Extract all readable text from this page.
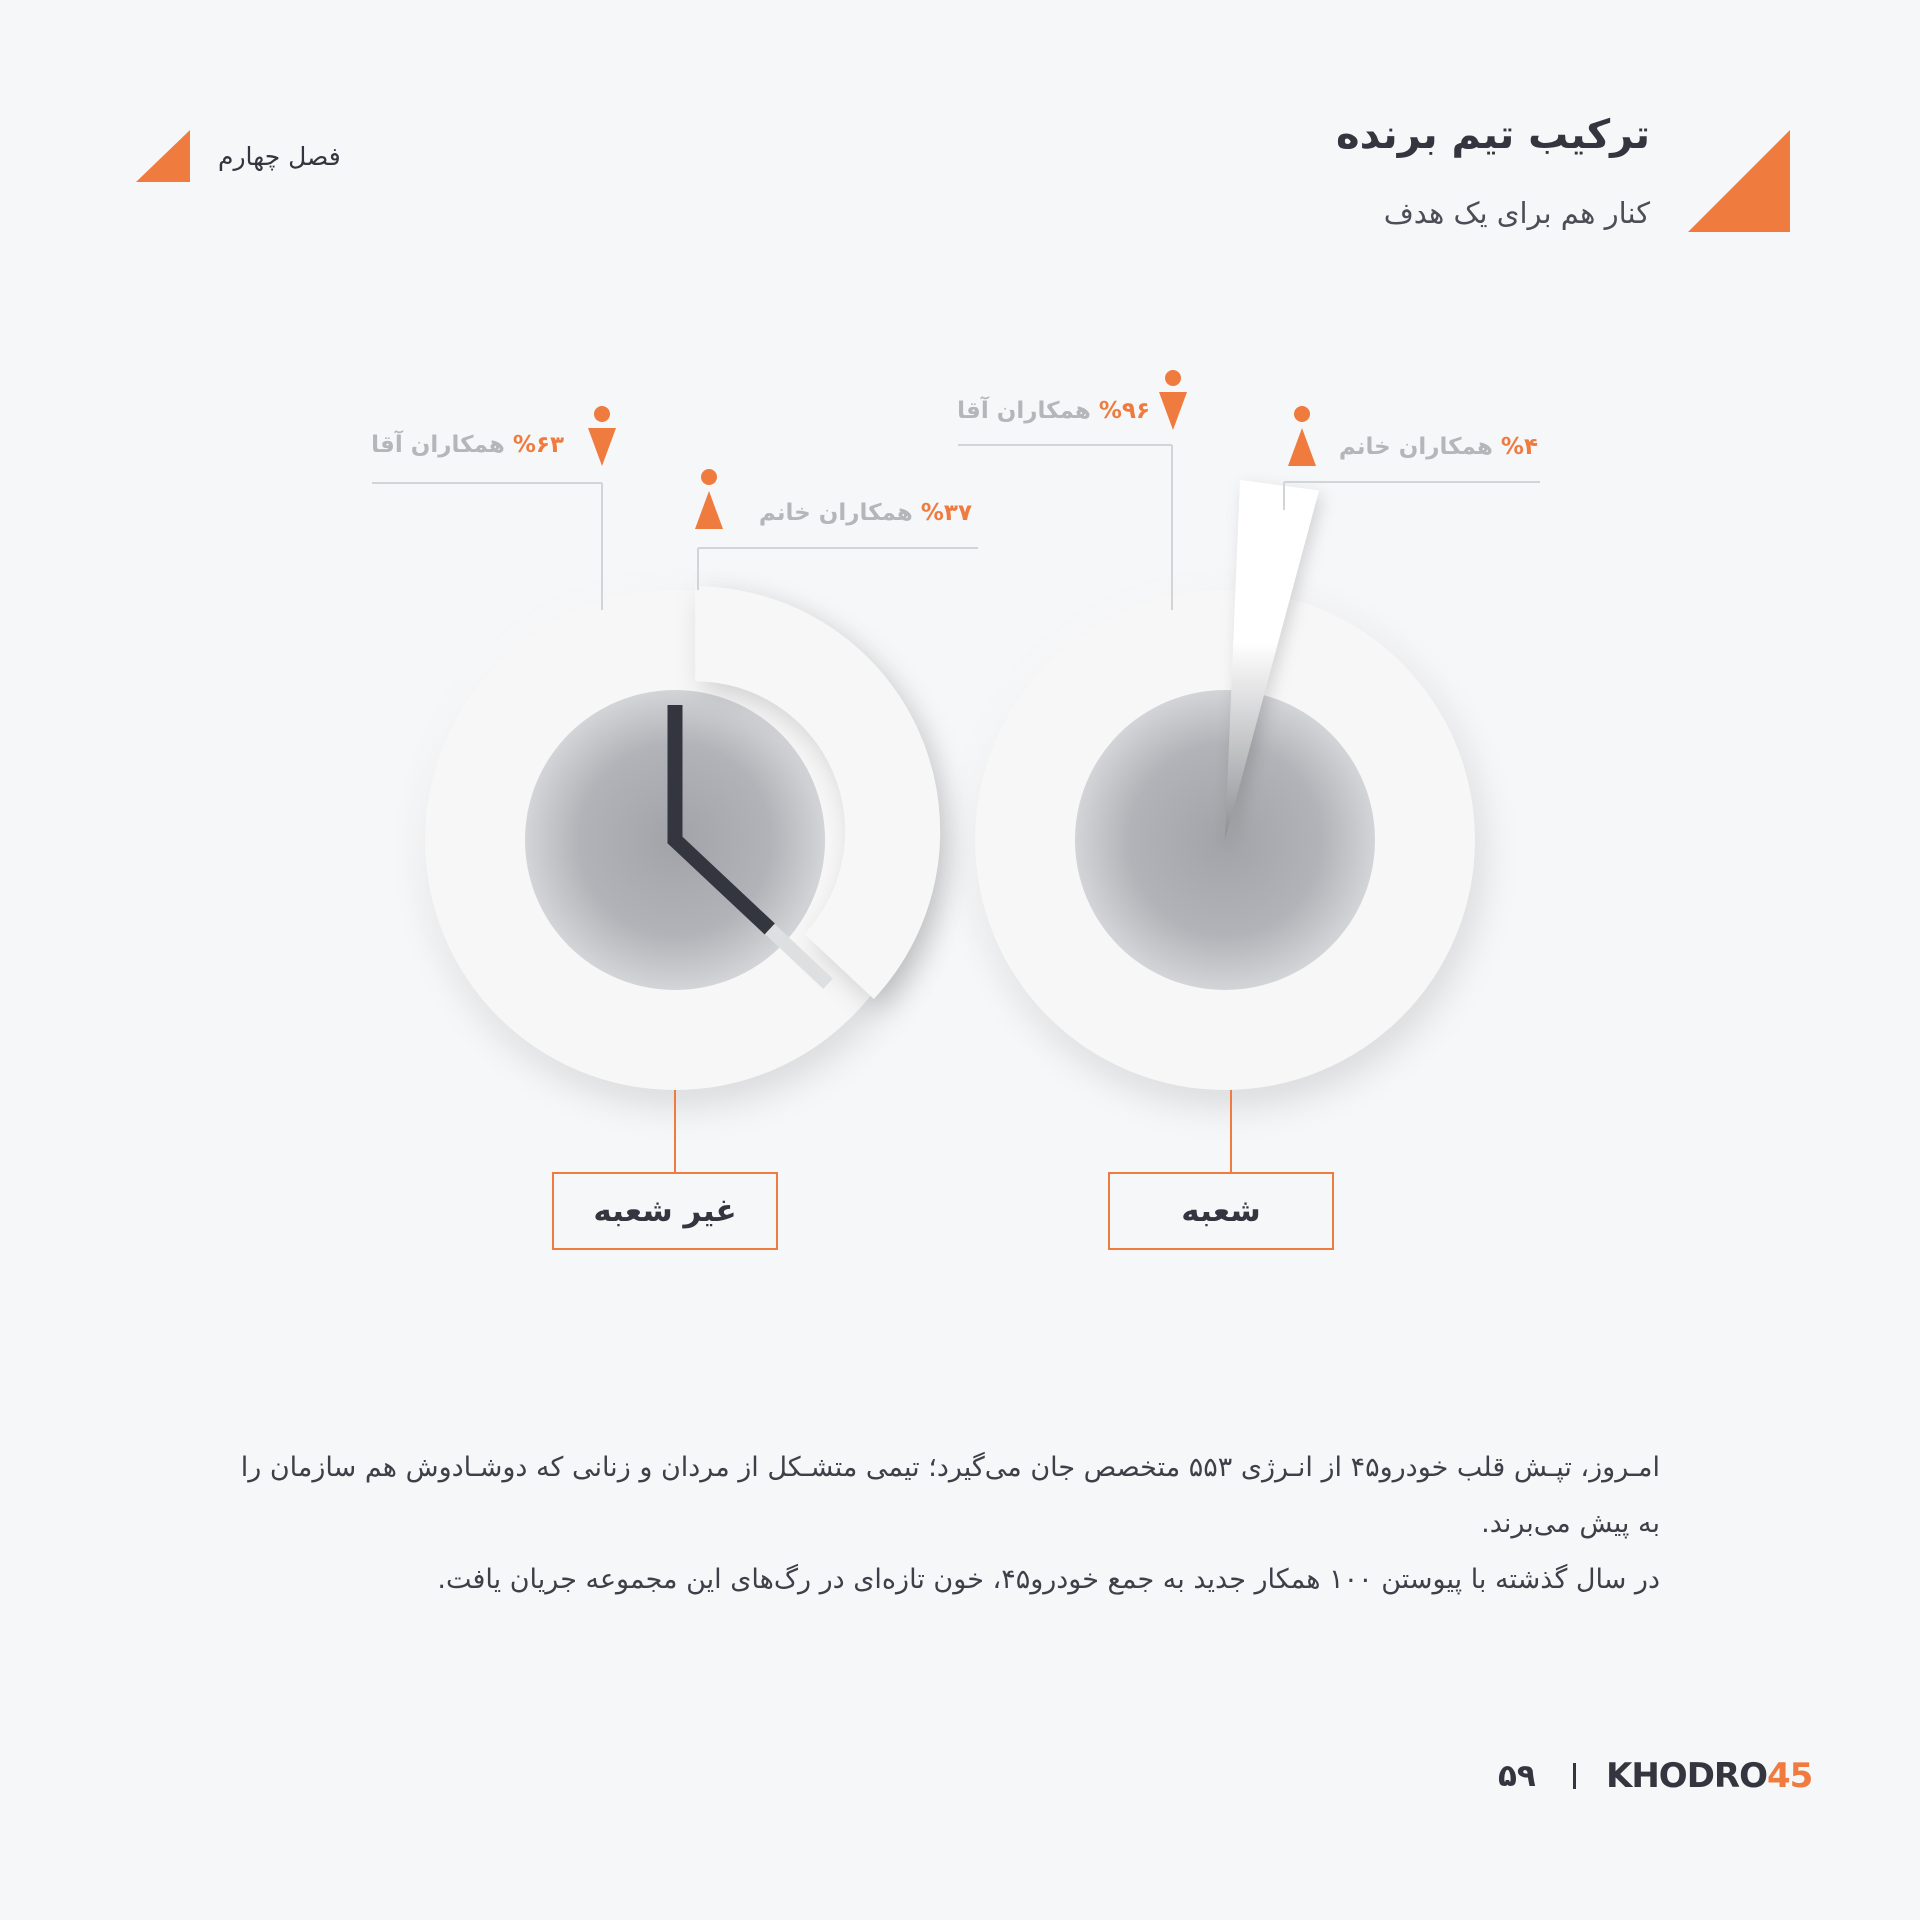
ترکیب تیم برنده
کنار هم برای یک هدف
فصل چهارم
%۶۳ همکاران آقا
%۳۷ همکاران خانم
%۹۶ همکاران آقا
%۴ همکاران خانم
غیر شعبه	شعبه
امـروز، تپـش قلب خودرو۴۵ از انـرژی ۵۵۳ متخصص جان می‌گیرد؛ تیمی متشـکل از مردان و زنانی که دوشـادوش هم سازمان را به پیش می‌برند.
در سال گذشته با پیوستن ۱۰۰ همکار جدید به جمع خودرو۴۵، خون تازه‌ای در رگ‌های این مجموعه جریان یافت.
۵۹ KHODRO45
